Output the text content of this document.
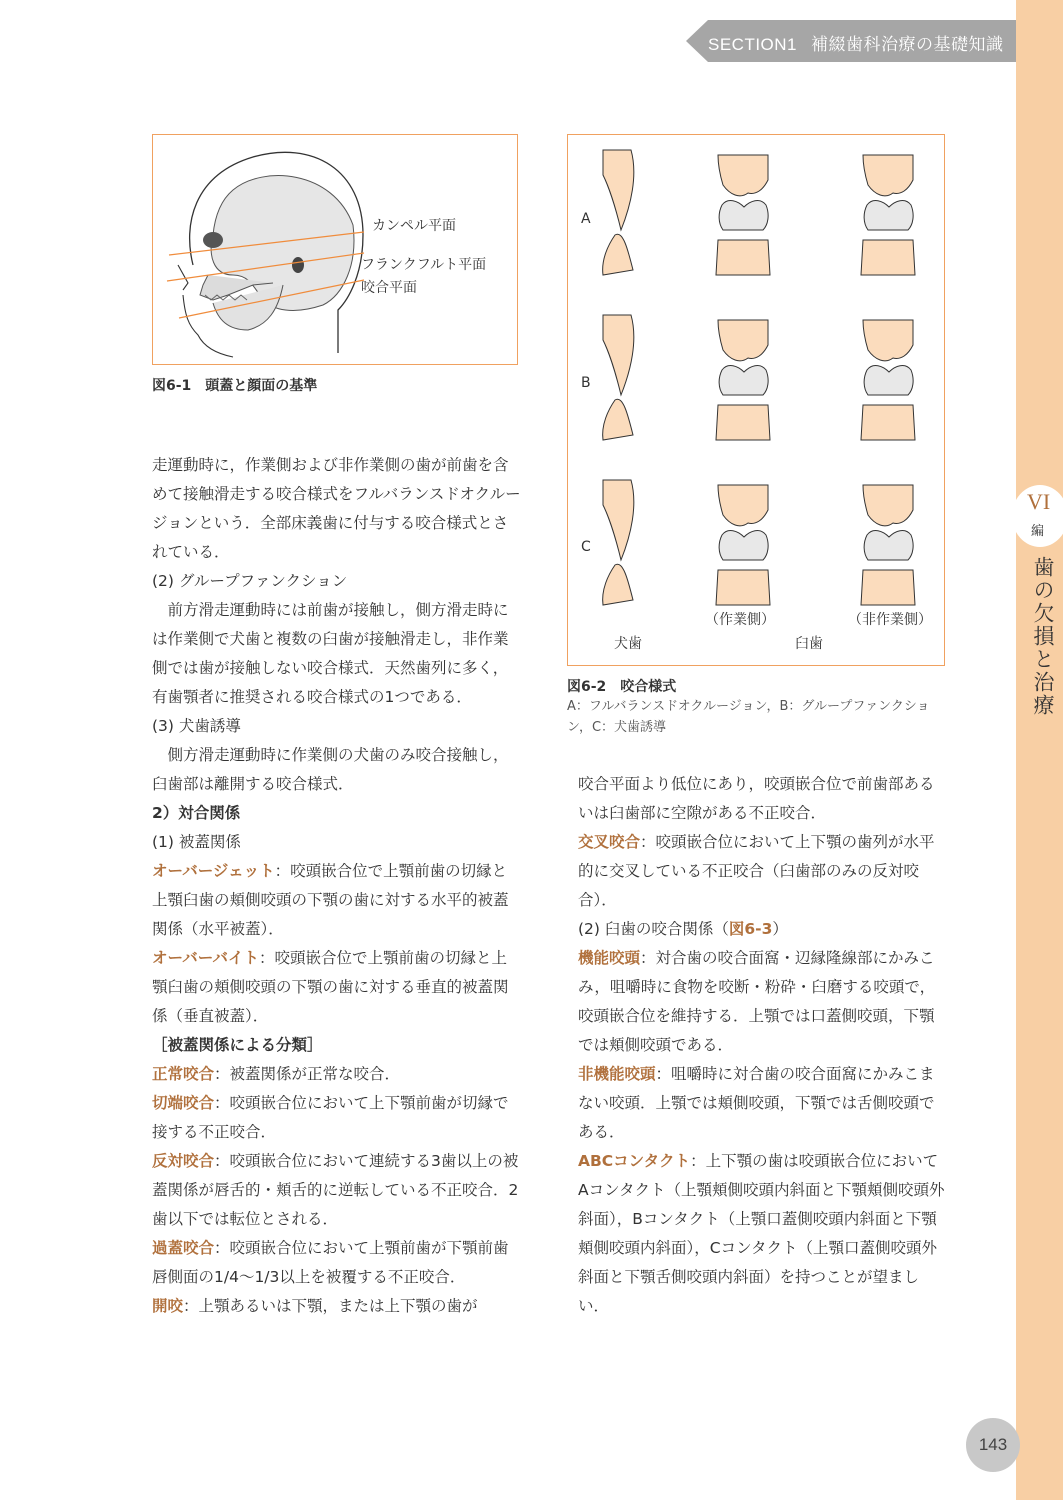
SECTION1 補綴歯科治療の基礎知識
VI
編
歯の欠損と治療
143
カンペル平面
フランクフルト平面
咬合平面
図6-1　頭蓋と顔面の基準
A
B
C
（作業側）	（非作業側）
犬歯	臼歯
図6-2　咬合様式
A：フルバランスドオクルージョン，B：グループファンクション，C：犬歯誘導

走運動時に，作業側および非作業側の歯が前歯を含めて接触滑走する咬合様式をフルバランスドオクルージョンという．全部床義歯に付与する咬合様式とされている．

(2) グループファンクション

前方滑走運動時には前歯が接触し，側方滑走時には作業側で犬歯と複数の臼歯が接触滑走し，非作業側では歯が接触しない咬合様式．天然歯列に多く，有歯顎者に推奨される咬合様式の1つである．

(3) 犬歯誘導

側方滑走運動時に作業側の犬歯のみ咬合接触し，臼歯部は離開する咬合様式．

2）対合関係

(1) 被蓋関係

オーバージェット：咬頭嵌合位で上顎前歯の切縁と上顎臼歯の頬側咬頭の下顎の歯に対する水平的被蓋関係（水平被蓋）．

オーバーバイト：咬頭嵌合位で上顎前歯の切縁と上顎臼歯の頬側咬頭の下顎の歯に対する垂直的被蓋関係（垂直被蓋）．

［被蓋関係による分類］

正常咬合：被蓋関係が正常な咬合．

切端咬合：咬頭嵌合位において上下顎前歯が切縁で接する不正咬合．

反対咬合：咬頭嵌合位において連続する3歯以上の被蓋関係が唇舌的・頬舌的に逆転している不正咬合．2歯以下では転位とされる．

過蓋咬合：咬頭嵌合位において上顎前歯が下顎前歯唇側面の1/4〜1/3以上を被覆する不正咬合．

開咬：上顎あるいは下顎，または上下顎の歯が

咬合平面より低位にあり，咬頭嵌合位で前歯部あるいは臼歯部に空隙がある不正咬合．

交叉咬合：咬頭嵌合位において上下顎の歯列が水平的に交叉している不正咬合（臼歯部のみの反対咬合）．

(2) 臼歯の咬合関係（図6-3）

機能咬頭：対合歯の咬合面窩・辺縁隆線部にかみこみ，咀嚼時に食物を咬断・粉砕・臼磨する咬頭で，咬頭嵌合位を維持する．上顎では口蓋側咬頭，下顎では頬側咬頭である．

非機能咬頭：咀嚼時に対合歯の咬合面窩にかみこまない咬頭．上顎では頬側咬頭，下顎では舌側咬頭である．

ABCコンタクト：上下顎の歯は咬頭嵌合位においてAコンタクト（上顎頬側咬頭内斜面と下顎頬側咬頭外斜面），Bコンタクト（上顎口蓋側咬頭内斜面と下顎頬側咬頭内斜面），Cコンタクト（上顎口蓋側咬頭外斜面と下顎舌側咬頭内斜面）を持つことが望ましい．
